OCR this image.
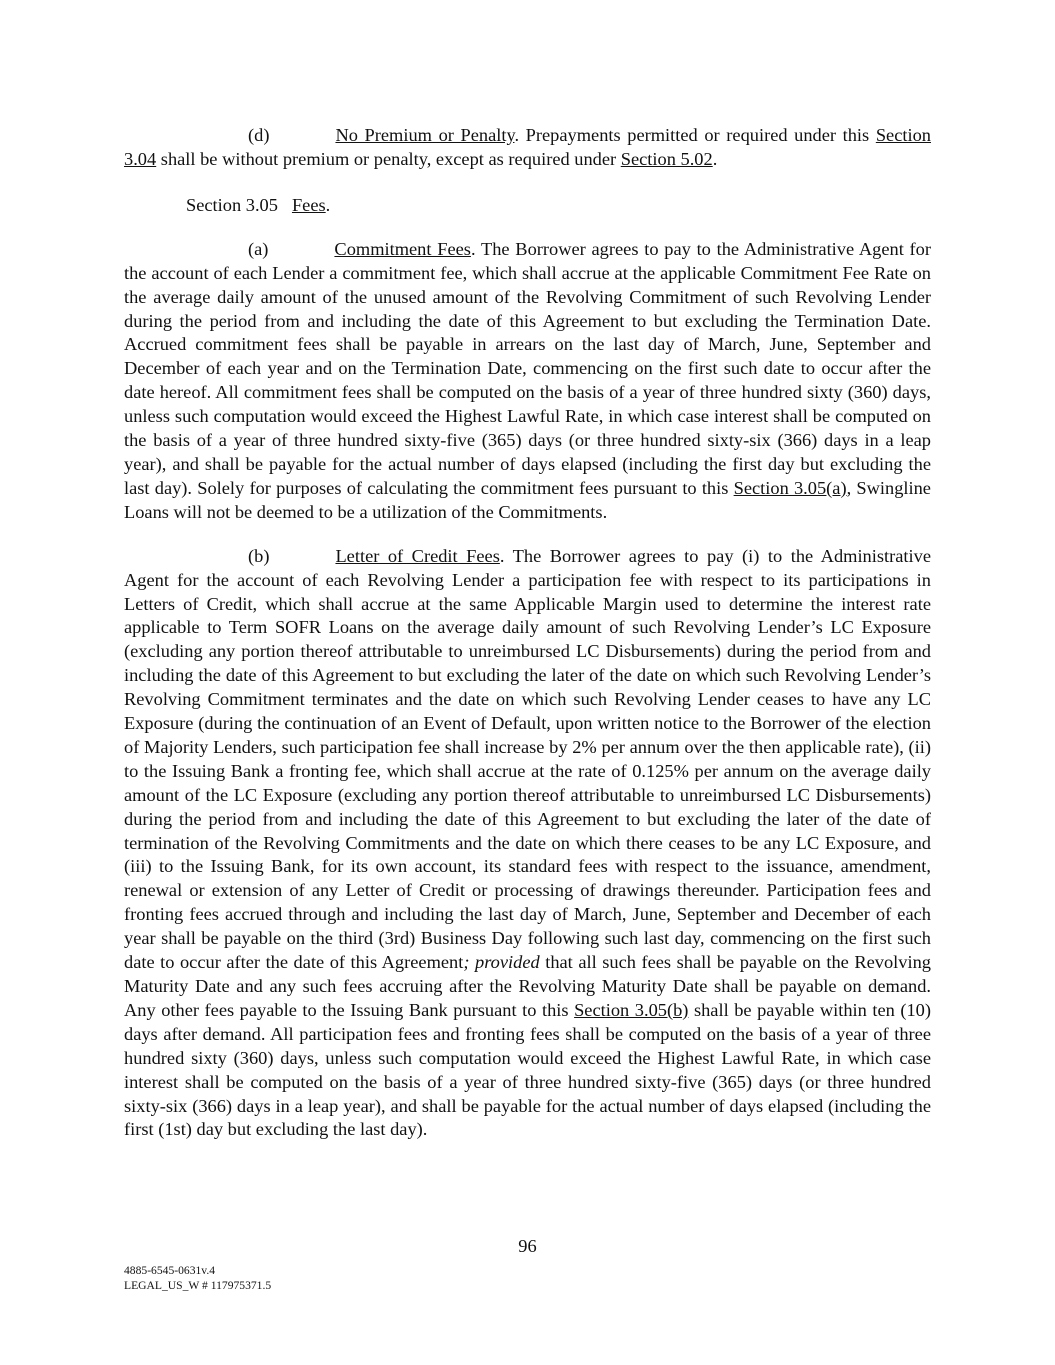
(d)	No Premium or Penalty. Prepayments permitted or required under this Section 3.04 shall be without premium or penalty, except as required under Section 5.02.

Section 3.05 Fees.

(a)	Commitment Fees. The Borrower agrees to pay to the Administrative Agent for the account of each Lender a commitment fee, which shall accrue at the applicable Commitment Fee Rate on the average daily amount of the unused amount of the Revolving Commitment of such Revolving Lender during the period from and including the date of this Agreement to but excluding the Termination Date. Accrued commitment fees shall be payable in arrears on the last day of March, June, September and December of each year and on the Termination Date, commencing on the first such date to occur after the date hereof. All commitment fees shall be computed on the basis of a year of three hundred sixty (360) days, unless such computation would exceed the Highest Lawful Rate, in which case interest shall be computed on the basis of a year of three hundred sixty-five (365) days (or three hundred sixty-six (366) days in a leap year), and shall be payable for the actual number of days elapsed (including the first day but excluding the last day). Solely for purposes of calculating the commitment fees pursuant to this Section 3.05(a), Swingline Loans will not be deemed to be a utilization of the Commitments.

(b)	Letter of Credit Fees. The Borrower agrees to pay (i) to the Administrative Agent for the account of each Revolving Lender a participation fee with respect to its participations in Letters of Credit, which shall accrue at the same Applicable Margin used to determine the interest rate applicable to Term SOFR Loans on the average daily amount of such Revolving Lender’s LC Exposure (excluding any portion thereof attributable to unreimbursed LC Disbursements) during the period from and including the date of this Agreement to but excluding the later of the date on which such Revolving Lender’s Revolving Commitment terminates and the date on which such Revolving Lender ceases to have any LC Exposure (during the continuation of an Event of Default, upon written notice to the Borrower of the election of Majority Lenders, such participation fee shall increase by 2% per annum over the then applicable rate), (ii) to the Issuing Bank a fronting fee, which shall accrue at the rate of 0.125% per annum on the average daily amount of the LC Exposure (excluding any portion thereof attributable to unreimbursed LC Disbursements) during the period from and including the date of this Agreement to but excluding the later of the date of termination of the Revolving Commitments and the date on which there ceases to be any LC Exposure, and (iii) to the Issuing Bank, for its own account, its standard fees with respect to the issuance, amendment, renewal or extension of any Letter of Credit or processing of drawings thereunder. Participation fees and fronting fees accrued through and including the last day of March, June, September and December of each year shall be payable on the third (3rd) Business Day following such last day, commencing on the first such date to occur after the date of this Agreement; provided that all such fees shall be payable on the Revolving Maturity Date and any such fees accruing after the Revolving Maturity Date shall be payable on demand. Any other fees payable to the Issuing Bank pursuant to this Section 3.05(b) shall be payable within ten (10) days after demand. All participation fees and fronting fees shall be computed on the basis of a year of three hundred sixty (360) days, unless such computation would exceed the Highest Lawful Rate, in which case interest shall be computed on the basis of a year of three hundred sixty-five (365) days (or three hundred sixty-six (366) days in a leap year), and shall be payable for the actual number of days elapsed (including the first (1st) day but excluding the last day).

96
4885-6545-0631v.4
LEGAL_US_W # 117975371.5
